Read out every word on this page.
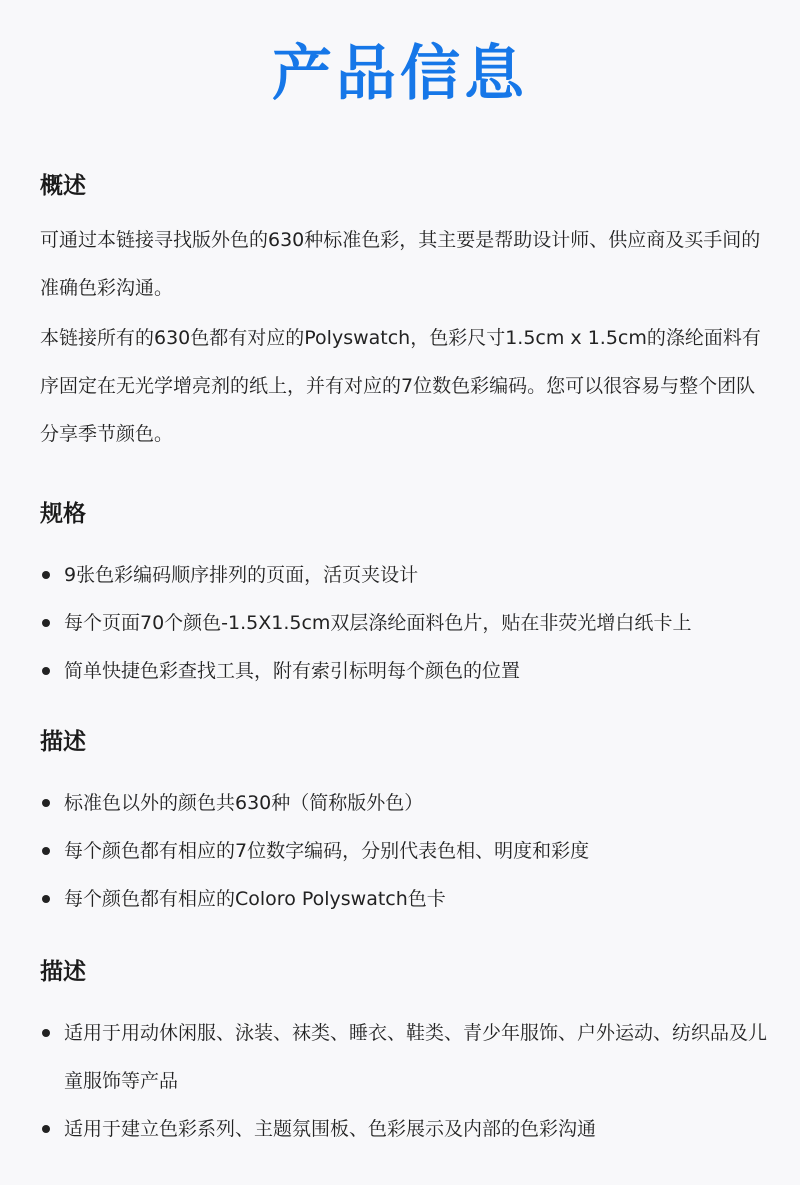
产品信息
概述

可通过本链接寻找版外色的630种标准色彩，其主要是帮助设计师、供应商及买手间的准确色彩沟通。

本链接所有的630色都有对应的Polyswatch，色彩尺寸1.5cm x 1.5cm的涤纶面料有序固定在无光学增亮剂的纸上，并有对应的7位数色彩编码。您可以很容易与整个团队分享季节颜色。

规格
9张色彩编码顺序排列的页面，活页夹设计
每个页面70个颜色-1.5X1.5cm双层涤纶面料色片，贴在非荧光增白纸卡上
简单快捷色彩查找工具，附有索引标明每个颜色的位置
描述
标准色以外的颜色共630种（简称版外色）
每个颜色都有相应的7位数字编码，分别代表色相、明度和彩度
每个颜色都有相应的Coloro Polyswatch色卡
描述
适用于用动休闲服、泳装、袜类、睡衣、鞋类、青少年服饰、户外运动、纺织品及儿童服饰等产品
适用于建立色彩系列、主题氛围板、色彩展示及内部的色彩沟通
